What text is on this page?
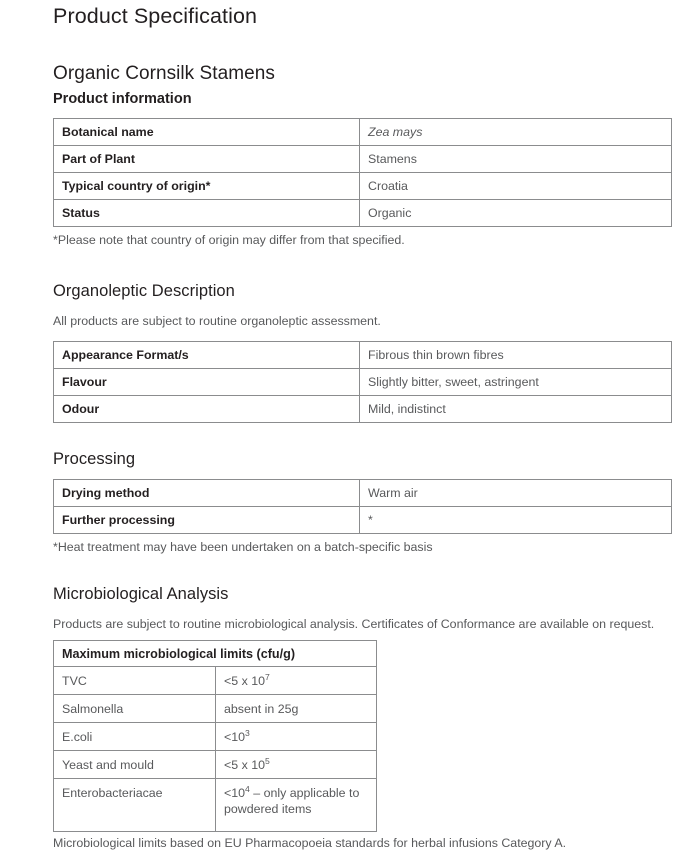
Product Specification
Organic Cornsilk Stamens
Product information
Botanical name	Zea mays
Part of Plant	Stamens
Typical country of origin*	Croatia
Status	Organic

*Please note that country of origin may differ from that specified.

Organoleptic Description

All products are subject to routine organoleptic assessment.

Appearance Format/s	Fibrous thin brown fibres
Flavour	Slightly bitter, sweet, astringent
Odour	Mild, indistinct
Processing
Drying method	Warm air
Further processing	*

*Heat treatment may have been undertaken on a batch-specific basis

Microbiological Analysis

Products are subject to routine microbiological analysis. Certificates of Conformance are available on request.

Maximum microbiological limits (cfu/g)	
TVC	<5 x $10^7$
Salmonella	absent in 25g
E.coli	$<10^3$
Yeast and mould	<5 x $10^5$
Enterobacteriacae	$<10^4$ – only applicable to powdered items

Microbiological limits based on EU Pharmacopoeia standards for herbal infusions Category A.
